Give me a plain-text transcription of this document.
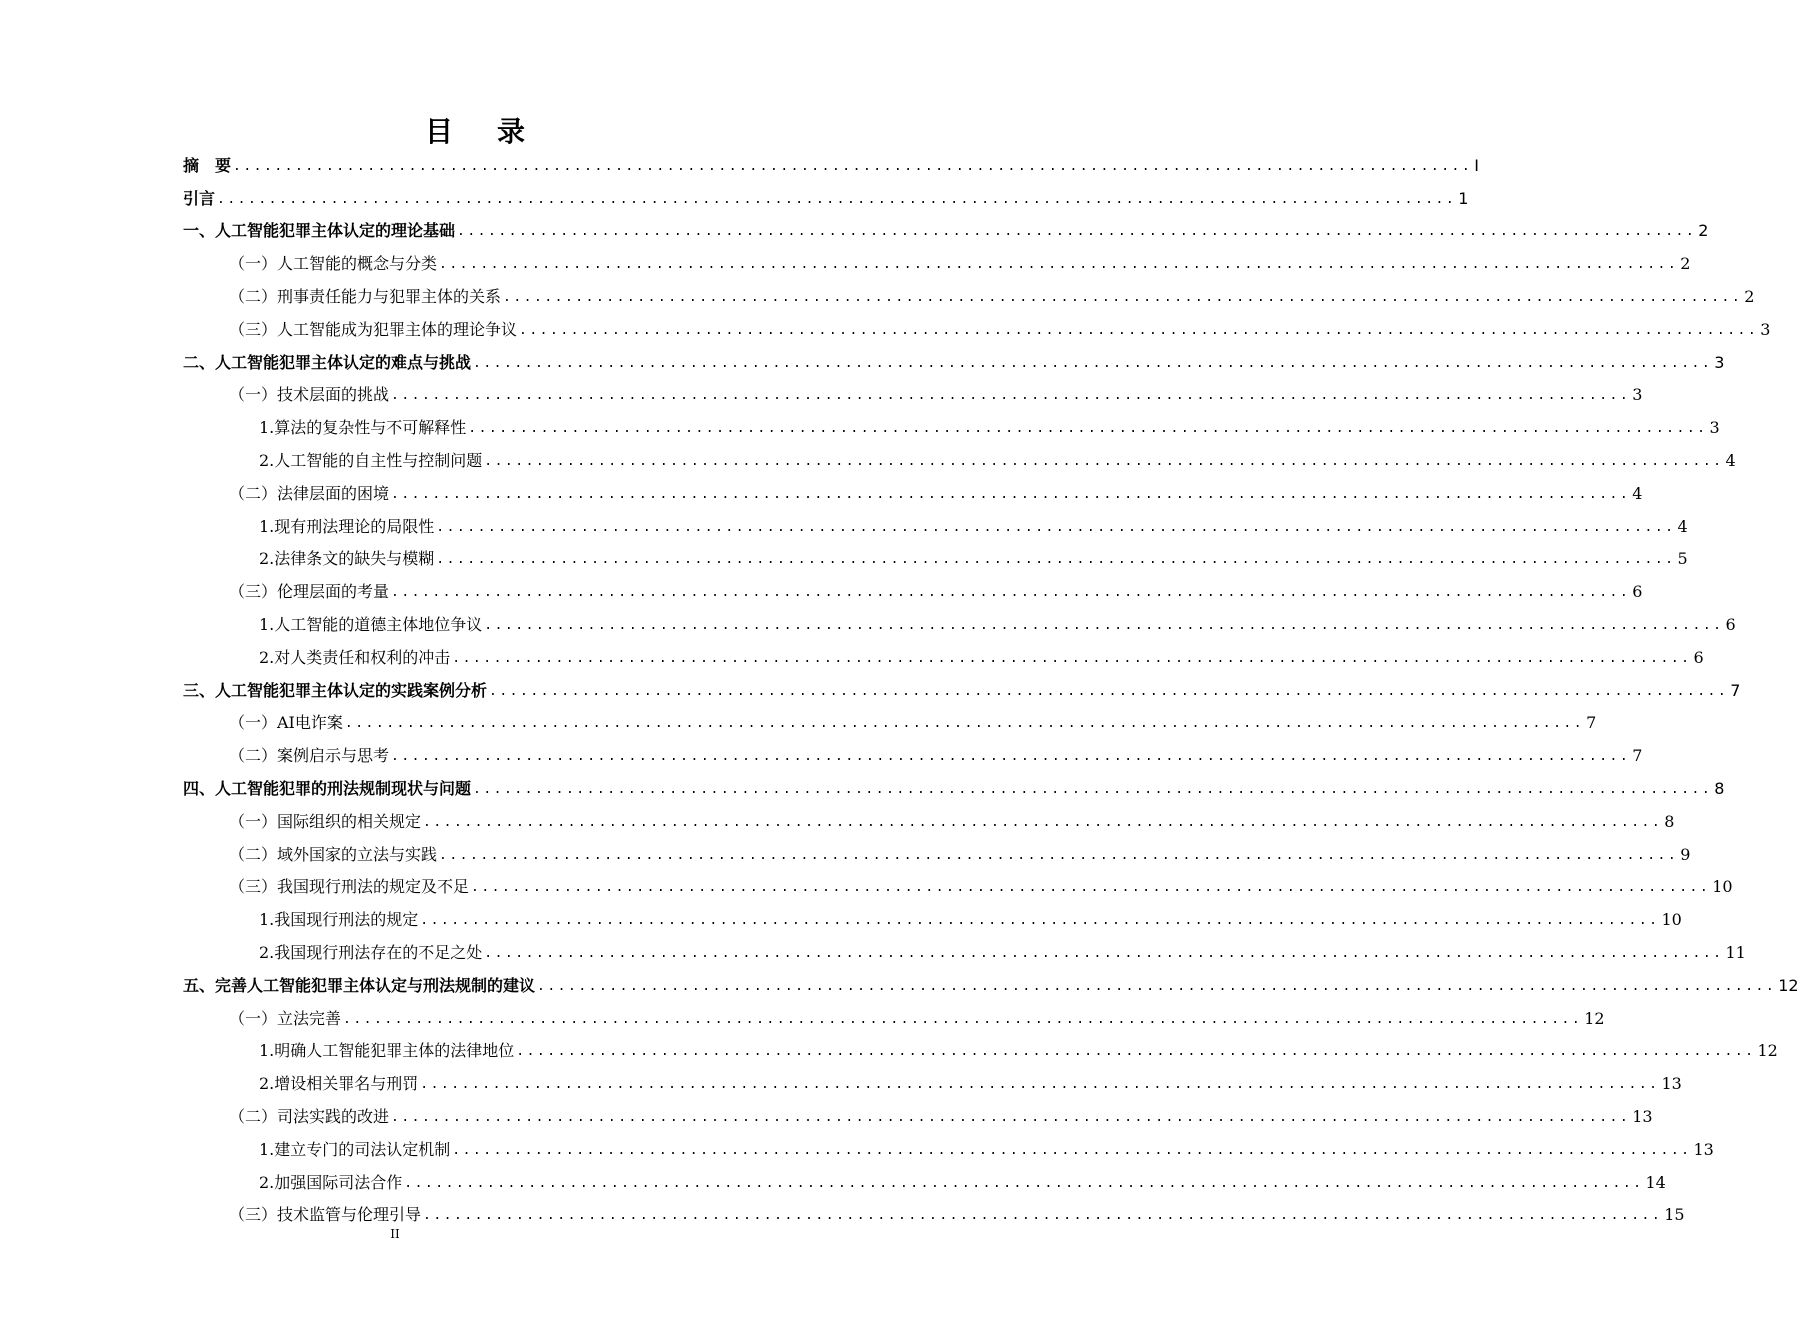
目录
摘　要 ........................................................................................................................ I
引言 ........................................................................................................................ 1
一、人工智能犯罪主体认定的理论基础 ........................................................................................................................ 2
（一）人工智能的概念与分类 ........................................................................................................................ 2
（二）刑事责任能力与犯罪主体的关系 ........................................................................................................................ 2
（三）人工智能成为犯罪主体的理论争议 ........................................................................................................................ 3
二、人工智能犯罪主体认定的难点与挑战 ........................................................................................................................ 3
（一）技术层面的挑战 ........................................................................................................................ 3
1.算法的复杂性与不可解释性 ........................................................................................................................ 3
2.人工智能的自主性与控制问题 ........................................................................................................................ 4
（二）法律层面的困境 ........................................................................................................................ 4
1.现有刑法理论的局限性 ........................................................................................................................ 4
2.法律条文的缺失与模糊 ........................................................................................................................ 5
（三）伦理层面的考量 ........................................................................................................................ 6
1.人工智能的道德主体地位争议 ........................................................................................................................ 6
2.对人类责任和权利的冲击 ........................................................................................................................ 6
三、人工智能犯罪主体认定的实践案例分析 ........................................................................................................................ 7
（一）AI电诈案 ........................................................................................................................ 7
（二）案例启示与思考 ........................................................................................................................ 7
四、人工智能犯罪的刑法规制现状与问题 ........................................................................................................................ 8
（一）国际组织的相关规定 ........................................................................................................................ 8
（二）域外国家的立法与实践 ........................................................................................................................ 9
（三）我国现行刑法的规定及不足 ........................................................................................................................ 10
1.我国现行刑法的规定 ........................................................................................................................ 10
2.我国现行刑法存在的不足之处 ........................................................................................................................ 11
五、完善人工智能犯罪主体认定与刑法规制的建议 ........................................................................................................................ 12
（一）立法完善 ........................................................................................................................ 12
1.明确人工智能犯罪主体的法律地位 ........................................................................................................................ 12
2.增设相关罪名与刑罚 ........................................................................................................................ 13
（二）司法实践的改进 ........................................................................................................................ 13
1.建立专门的司法认定机制 ........................................................................................................................ 13
2.加强国际司法合作 ........................................................................................................................ 14
（三）技术监管与伦理引导 ........................................................................................................................ 15
II
